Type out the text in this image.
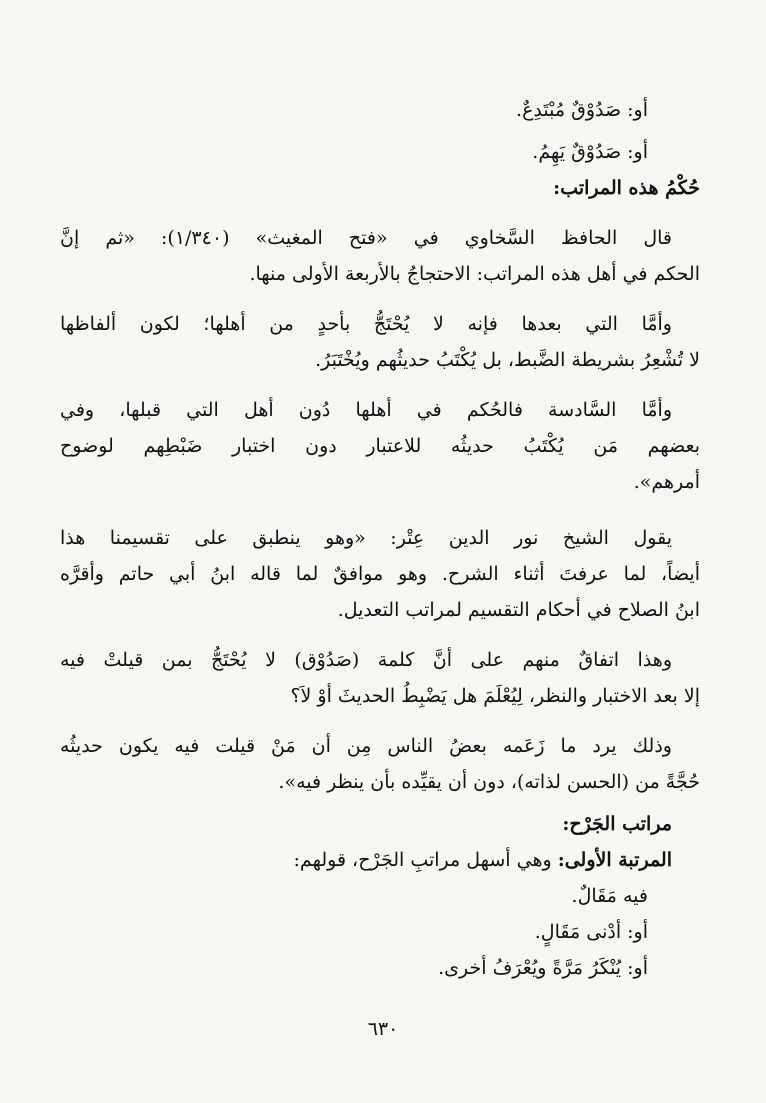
أو: صَدُوْقٌ مُبْتَدِعٌ.
أو: صَدُوْقٌ يَهِمُ.
حُكْمُ هذه المراتب:
قال الحافظ السَّخاوي في «فتح المغيث» (١/٣٤٠): «ثم إنَّ
الحكم في أهل هذه المراتب: الاحتجاجُ بالأربعة الأولى منها.
وأمَّا التي بعدها فإنه لا يُحْتَجُّ بأحدٍ من أهلها؛ لكون ألفاظها
لا تُشْعِرُ بشريطة الضَّبط، بل يُكْتَبُ حديثُهم ويُخْتَبَرُ.
وأمَّا السَّادسة فالحُكم في أهلها دُون أهل التي قبلها، وفي
بعضهم مَن يُكْتَبُ حديثُه للاعتبار دون اختبار ضَبْطِهم لوضوح
أمرهم».
يقول الشيخ نور الدين عِتْر: «وهو ينطبق على تقسيمنا هذا
أيضاً، لما عرفتَ أثناء الشرح. وهو موافقٌ لما قاله ابنُ أبي حاتم وأقرَّه
ابنُ الصلاح في أحكام التقسيم لمراتب التعديل.
وهذا اتفاقٌ منهم على أنَّ كلمة (صَدُوْق) لا يُحْتَجُّ بمن قيلتْ فيه
إلا بعد الاختبار والنظر، لِيُعْلَمَ هل يَضْبِطُ الحديثَ أوْ لاَ؟
وذلك يرد ما زَعَمه بعضُ الناس مِن أن مَنْ قيلت فيه يكون حديثُه
حُجَّةً من (الحسن لذاته)، دون أن يقيِّده بأن ينظر فيه».
مراتب الجَرْح:
المرتبة الأولى: وهي أسهل مراتبِ الجَرْح، قولهم:
فيه مَقَالٌ.
أو: أدْنى مَقَالٍ.
أو: يُنْكَرُ مَرَّةً ويُعْرَفُ أخرى.
٦٣٠
